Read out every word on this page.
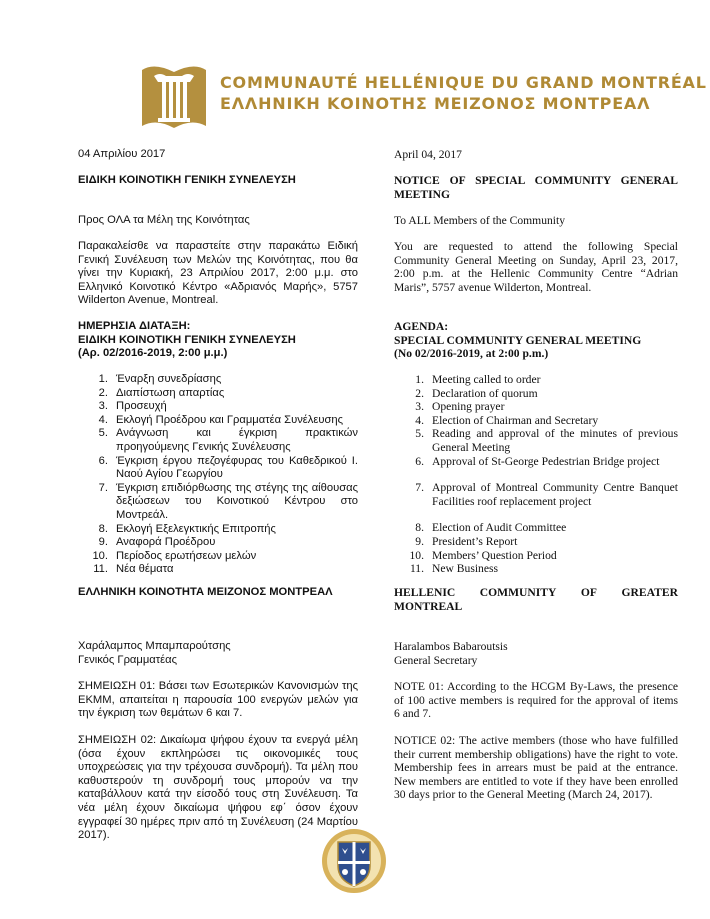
COMMUNAUTÉ HELLÉNIQUE DU GRAND MONTRÉAL
ΕΛΛΗΝΙΚΗ ΚΟΙΝΟΤΗΣ ΜΕΙΖΟΝΟΣ ΜΟΝΤΡΕΑΛ

04 Απριλίου 2017

ΕΙΔΙΚΗ ΚΟΙΝΟΤΙΚΗ ΓΕΝΙΚΗ ΣΥΝΕΛΕΥΣΗ

Προς ΟΛΑ τα Μέλη της Κοινότητας

Παρακαλείσθε να παραστείτε στην παρακάτω Ειδική Γενική Συνέλευση των Μελών της Κοινότητας, που θα γίνει την Κυριακή, 23 Απριλίου 2017, 2:00 μ.μ. στο Ελληνικό Κοινοτικό Κέντρο «Αδριανός Μαρής», 5757 Wilderton Avenue, Montreal.

ΗΜΕΡΗΣΙΑ ΔΙΑΤΑΞΗ:
ΕΙΔΙΚΗ ΚΟΙΝΟΤΙΚΗ ΓΕΝΙΚΗ ΣΥΝΕΛΕΥΣΗ
(Αρ. 02/2016-2019, 2:00 μ.μ.)
1. Έναρξη συνεδρίασης
2. Διαπίστωση απαρτίας
3. Προσευχή
4. Εκλογή Προέδρου και Γραμματέα Συνέλευσης
5. Ανάγνωση και έγκριση πρακτικών προηγούμενης Γενικής Συνέλευσης
6. Έγκριση έργου πεζογέφυρας του Καθεδρικού Ι. Ναού Αγίου Γεωργίου
7. Έγκριση επιδιόρθωσης της στέγης της αίθουσας δεξιώσεων του Κοινοτικού Κέντρου στο Μοντρεάλ.
8. Εκλογή Εξελεγκτικής Επιτροπής
9. Αναφορά Προέδρου
10. Περίοδος ερωτήσεων μελών
11. Νέα θέματα

ΕΛΛΗΝΙΚΗ ΚΟΙΝΟΤΗΤΑ ΜΕΙΖΟΝΟΣ ΜΟΝΤΡΕΑΛ

Χαράλαμπος Μπαμπαρούτσης

Γενικός Γραμματέας

ΣΗΜΕΙΩΣΗ 01: Βάσει των Εσωτερικών Κανονισμών της ΕΚΜΜ, απαιτείται η παρουσία 100 ενεργών μελών για την έγκριση των θεμάτων 6 και 7.

ΣΗΜΕΙΩΣΗ 02: Δικαίωμα ψήφου έχουν τα ενεργά μέλη (όσα έχουν εκπληρώσει τις οικονομικές τους υποχρεώσεις για την τρέχουσα συνδρομή). Τα μέλη που καθυστερούν τη συνδρομή τους μπορούν να την καταβάλλουν κατά την είσοδό τους στη Συνέλευση. Τα νέα μέλη έχουν δικαίωμα ψήφου εφ΄ όσον έχουν εγγραφεί 30 ημέρες πριν από τη Συνέλευση (24 Μαρτίου 2017).

April 04, 2017

NOTICE OF SPECIAL COMMUNITY GENERAL MEETING

To ALL Members of the Community

You are requested to attend the following Special Community General Meeting on Sunday, April 23, 2017, 2:00 p.m. at the Hellenic Community Centre “Adrian Maris”, 5757 avenue Wilderton, Montreal.

AGENDA:
SPECIAL COMMUNITY GENERAL MEETING
(No 02/2016-2019, at 2:00 p.m.)
1. Meeting called to order
2. Declaration of quorum
3. Opening prayer
4. Election of Chairman and Secretary
5. Reading and approval of the minutes of previous General Meeting
6. Approval of St-George Pedestrian Bridge project
7. Approval of Montreal Community Centre Banquet Facilities roof replacement project
8. Election of Audit Committee
9. President’s Report
10. Members’ Question Period
11. New Business
HELLENIC COMMUNITY OF GREATER
MONTREAL

Haralambos Babaroutsis

General Secretary

NOTE 01: According to the HCGM By-Laws, the presence of 100 active members is required for the approval of items 6 and 7.

NOTICE 02: The active members (those who have fulfilled their current membership obligations) have the right to vote. Membership fees in arrears must be paid at the entrance. New members are entitled to vote if they have been enrolled 30 days prior to the General Meeting (March 24, 2017).
